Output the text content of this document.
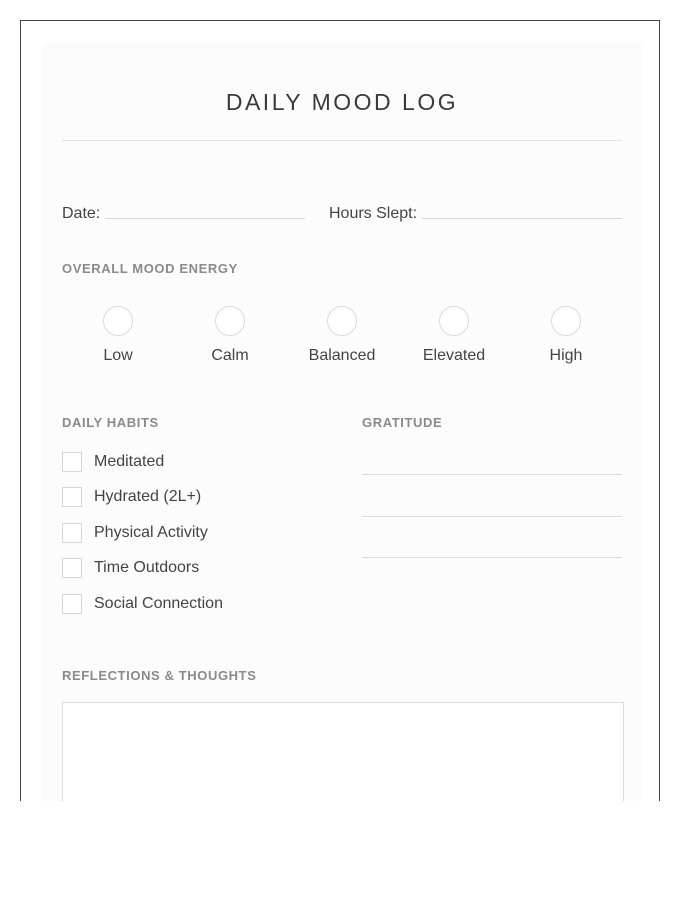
DAILY MOOD LOG
Date:	Hours Slept:
OVERALL MOOD ENERGY
Low	Calm	Balanced	Elevated	High
DAILY HABITS
Meditated
Hydrated (2L+)
Physical Activity
Time Outdoors
Social Connection
GRATITUDE
REFLECTIONS & THOUGHTS
